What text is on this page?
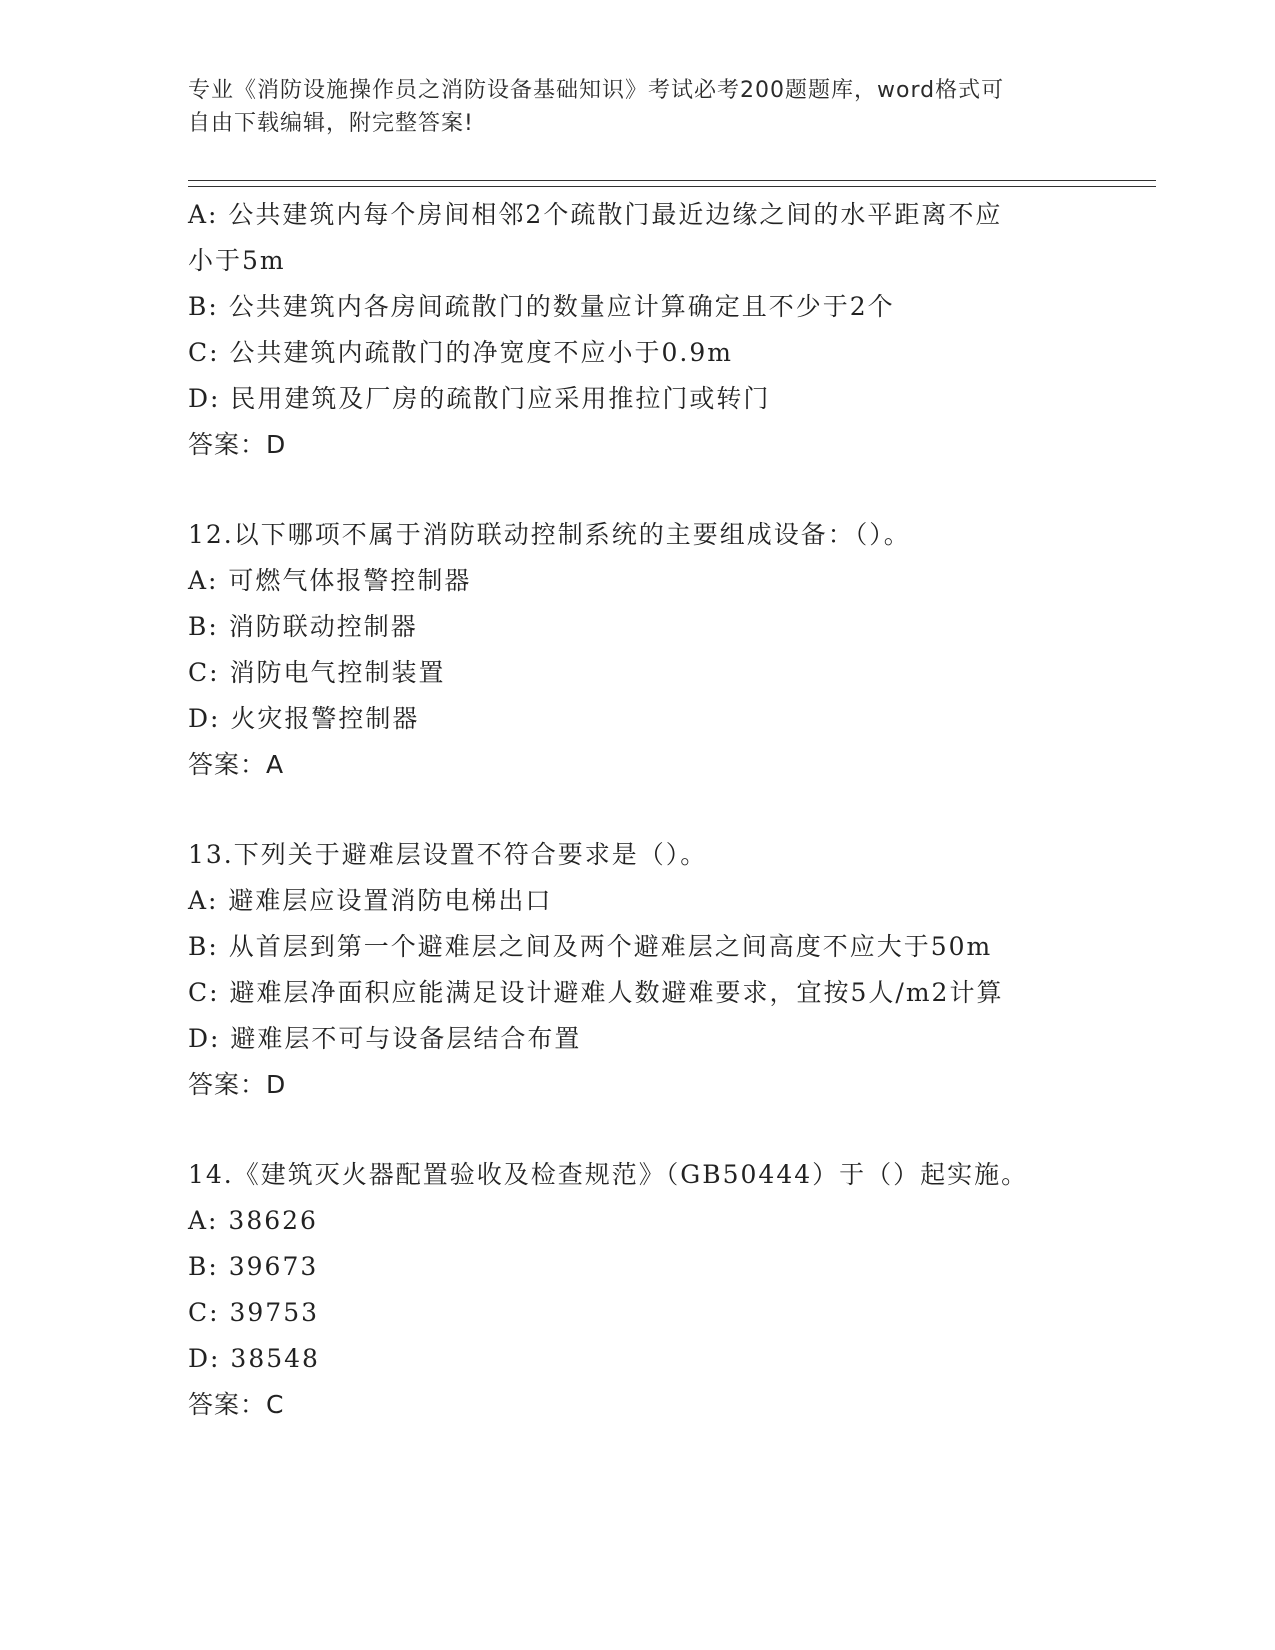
专业《消防设施操作员之消防设备基础知识》考试必考200题题库，word格式可
自由下载编辑，附完整答案!
A: 公共建筑内每个房间相邻2个疏散门最近边缘之间的水平距离不应
小于5m
B: 公共建筑内各房间疏散门的数量应计算确定且不少于2个
C: 公共建筑内疏散门的净宽度不应小于0.9m
D: 民用建筑及厂房的疏散门应采用推拉门或转门
答案：D
12.以下哪项不属于消防联动控制系统的主要组成设备：（）。
A: 可燃气体报警控制器
B: 消防联动控制器
C: 消防电气控制装置
D: 火灾报警控制器
答案：A
13.下列关于避难层设置不符合要求是（）。
A: 避难层应设置消防电梯出口
B: 从首层到第一个避难层之间及两个避难层之间高度不应大于50m
C: 避难层净面积应能满足设计避难人数避难要求，宜按5人/m2计算
D: 避难层不可与设备层结合布置
答案：D
14.《建筑灭火器配置验收及检查规范》（GB50444）于（）起实施。
A: 38626
B: 39673
C: 39753
D: 38548
答案：C
